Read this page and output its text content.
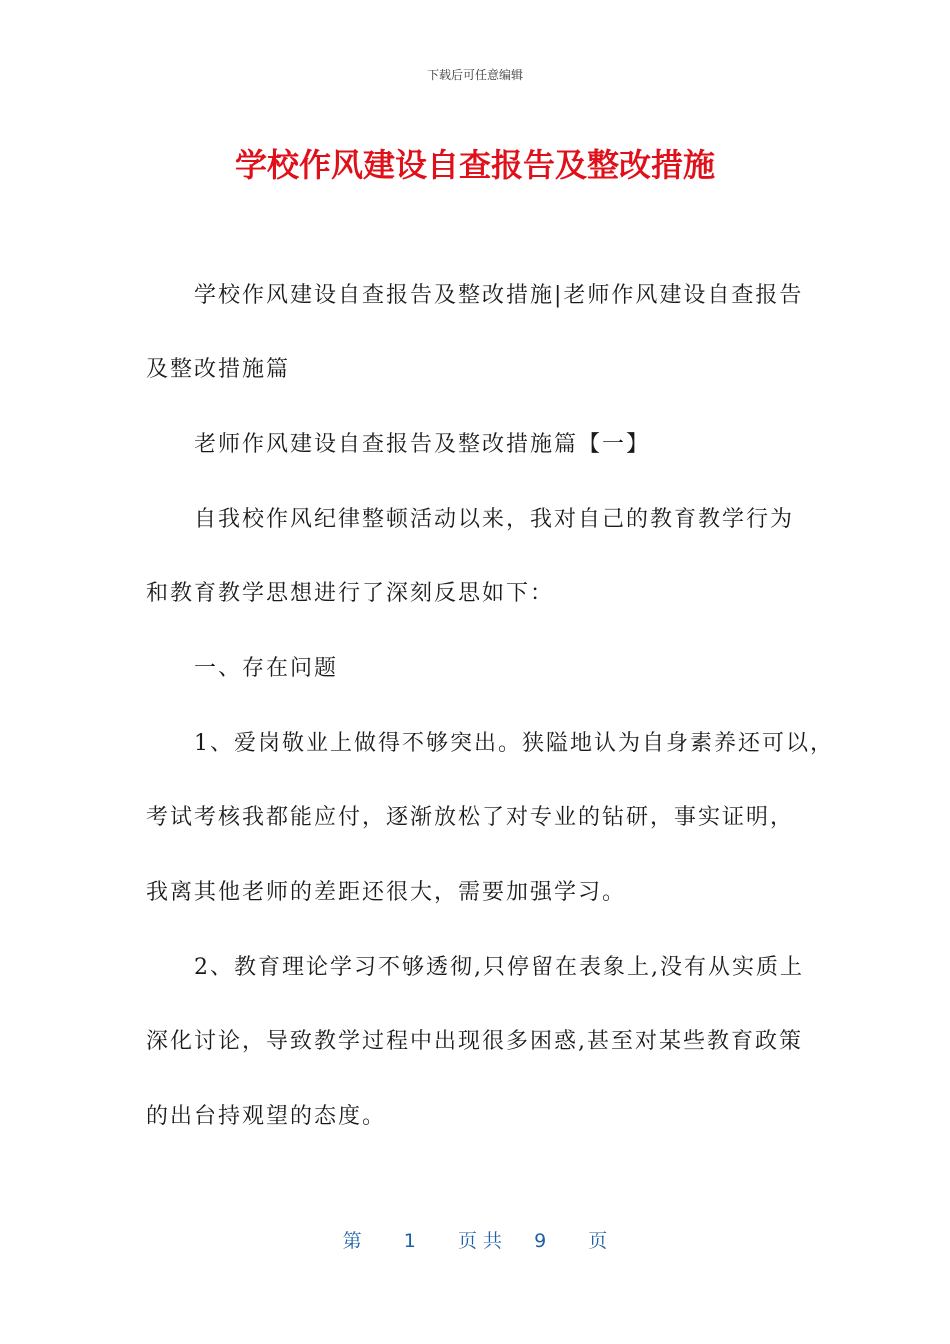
下载后可任意编辑
学校作风建设自查报告及整改措施
学校作风建设自查报告及整改措施|老师作风建设自查报告
及整改措施篇
老师作风建设自查报告及整改措施篇【一】
自我校作风纪律整顿活动以来，我对自己的教育教学行为
和教育教学思想进行了深刻反思如下：
一、存在问题
1、爱岗敬业上做得不够突出。狭隘地认为自身素养还可以，
考试考核我都能应付，逐渐放松了对专业的钻研，事实证明，
我离其他老师的差距还很大，需要加强学习。
2、教育理论学习不够透彻,只停留在表象上,没有从实质上
深化讨论，导致教学过程中出现很多困惑,甚至对某些教育政策
的出台持观望的态度。
第 1 页 共 9 页
